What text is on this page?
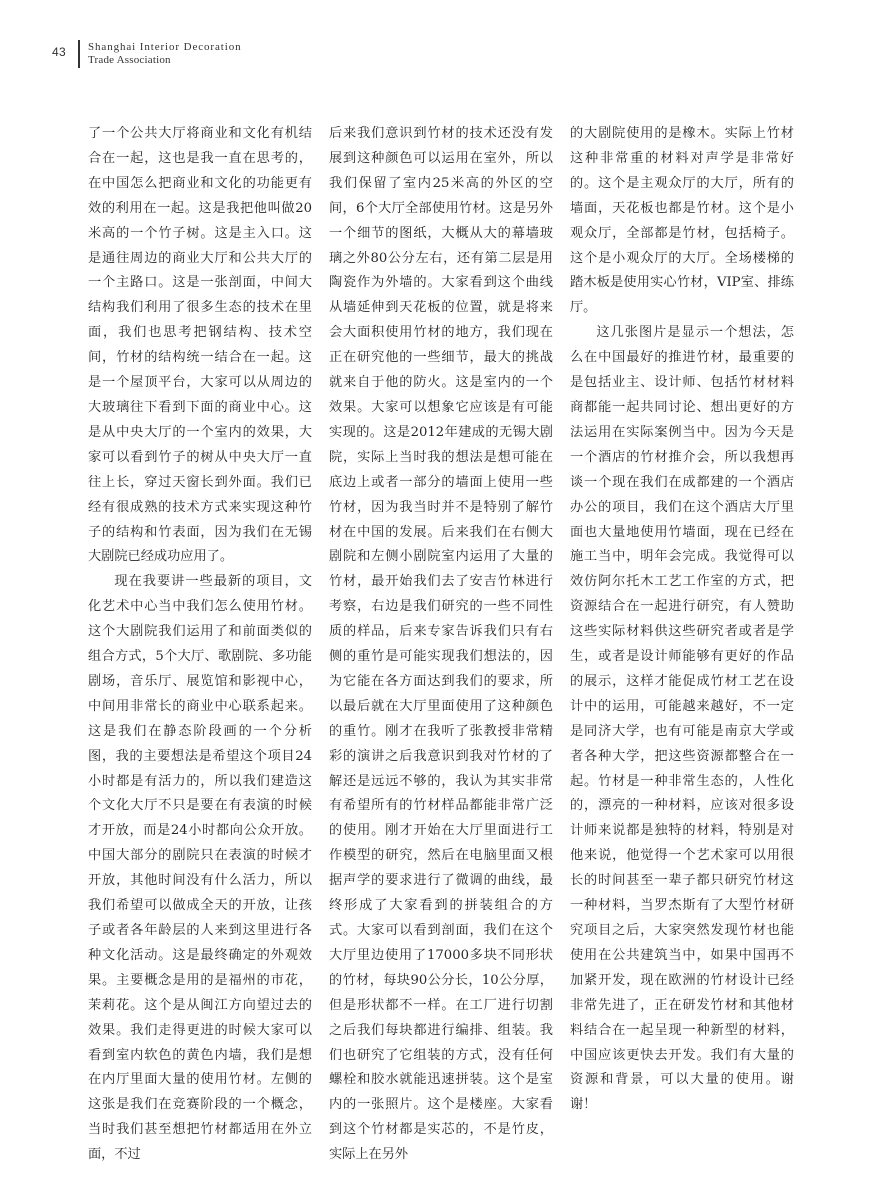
43 Shanghai Interior Decoration
Trade Association

了一个公共大厅将商业和文化有机结合在一起，这也是我一直在思考的，在中国怎么把商业和文化的功能更有效的利用在一起。这是我把他叫做20米高的一个竹子树。这是主入口。这是通往周边的商业大厅和公共大厅的一个主路口。这是一张剖面，中间大结构我们利用了很多生态的技术在里面，我们也思考把钢结构、技术空间，竹材的结构统一结合在一起。这是一个屋顶平台，大家可以从周边的大玻璃往下看到下面的商业中心。这是从中央大厅的一个室内的效果，大家可以看到竹子的树从中央大厅一直往上长，穿过天窗长到外面。我们已经有很成熟的技术方式来实现这种竹子的结构和竹表面，因为我们在无锡大剧院已经成功应用了。

现在我要讲一些最新的项目，文化艺术中心当中我们怎么使用竹材。这个大剧院我们运用了和前面类似的组合方式，5个大厅、歌剧院、多功能剧场，音乐厅、展览馆和影视中心，中间用非常长的商业中心联系起来。这是我们在静态阶段画的一个分析图，我的主要想法是希望这个项目24小时都是有活力的，所以我们建造这个文化大厅不只是要在有表演的时候才开放，而是24小时都向公众开放。中国大部分的剧院只在表演的时候才开放，其他时间没有什么活力，所以我们希望可以做成全天的开放，让孩子或者各年龄层的人来到这里进行各种文化活动。这是最终确定的外观效果。主要概念是用的是福州的市花，茉莉花。这个是从闽江方向望过去的效果。我们走得更进的时候大家可以看到室内软色的黄色内墙，我们是想在内厅里面大量的使用竹材。左侧的这张是我们在竞赛阶段的一个概念，当时我们甚至想把竹材都适用在外立面，不过

后来我们意识到竹材的技术还没有发展到这种颜色可以运用在室外，所以我们保留了室内25米高的外区的空间，6个大厅全部使用竹材。这是另外一个细节的图纸，大概从大的幕墙玻璃之外80公分左右，还有第二层是用陶瓷作为外墙的。大家看到这个曲线从墙延伸到天花板的位置，就是将来会大面积使用竹材的地方，我们现在正在研究他的一些细节，最大的挑战就来自于他的防火。这是室内的一个效果。大家可以想象它应该是有可能实现的。这是2012年建成的无锡大剧院，实际上当时我的想法是想可能在底边上或者一部分的墙面上使用一些竹材，因为我当时并不是特别了解竹材在中国的发展。后来我们在右侧大剧院和左侧小剧院室内运用了大量的竹材，最开始我们去了安吉竹林进行考察，右边是我们研究的一些不同性质的样品，后来专家告诉我们只有右侧的重竹是可能实现我们想法的，因为它能在各方面达到我们的要求，所以最后就在大厅里面使用了这种颜色的重竹。刚才在我听了张教授非常精彩的演讲之后我意识到我对竹材的了解还是远远不够的，我认为其实非常有希望所有的竹材样品都能非常广泛的使用。刚才开始在大厅里面进行工作模型的研究，然后在电脑里面又根据声学的要求进行了微调的曲线，最终形成了大家看到的拼装组合的方式。大家可以看到剖面，我们在这个大厅里边使用了17000多块不同形状的竹材，每块90公分长，10公分厚，但是形状都不一样。在工厂进行切割之后我们每块都进行编排、组装。我们也研究了它组装的方式，没有任何螺栓和胶水就能迅速拼装。这个是室内的一张照片。这个是楼座。大家看到这个竹材都是实芯的，不是竹皮，实际上在另外

的大剧院使用的是橡木。实际上竹材这种非常重的材料对声学是非常好的。这个是主观众厅的大厅，所有的墙面，天花板也都是竹材。这个是小观众厅，全部都是竹材，包括椅子。这个是小观众厅的大厅。全场楼梯的踏木板是使用实心竹材，VIP室、排练厅。

这几张图片是显示一个想法，怎么在中国最好的推进竹材，最重要的是包括业主、设计师、包括竹材材料商都能一起共同讨论、想出更好的方法运用在实际案例当中。因为今天是一个酒店的竹材推介会，所以我想再谈一个现在我们在成都建的一个酒店办公的项目，我们在这个酒店大厅里面也大量地使用竹墙面，现在已经在施工当中，明年会完成。我觉得可以效仿阿尔托木工艺工作室的方式，把资源结合在一起进行研究，有人赞助这些实际材料供这些研究者或者是学生，或者是设计师能够有更好的作品的展示，这样才能促成竹材工艺在设计中的运用，可能越来越好，不一定是同济大学，也有可能是南京大学或者各种大学，把这些资源都整合在一起。竹材是一种非常生态的，人性化的，漂亮的一种材料，应该对很多设计师来说都是独特的材料，特别是对他来说，他觉得一个艺术家可以用很长的时间甚至一辈子都只研究竹材这一种材料，当罗杰斯有了大型竹材研究项目之后，大家突然发现竹材也能使用在公共建筑当中，如果中国再不加紧开发，现在欧洲的竹材设计已经非常先进了，正在研发竹材和其他材料结合在一起呈现一种新型的材料，中国应该更快去开发。我们有大量的资源和背景，可以大量的使用。谢谢！
